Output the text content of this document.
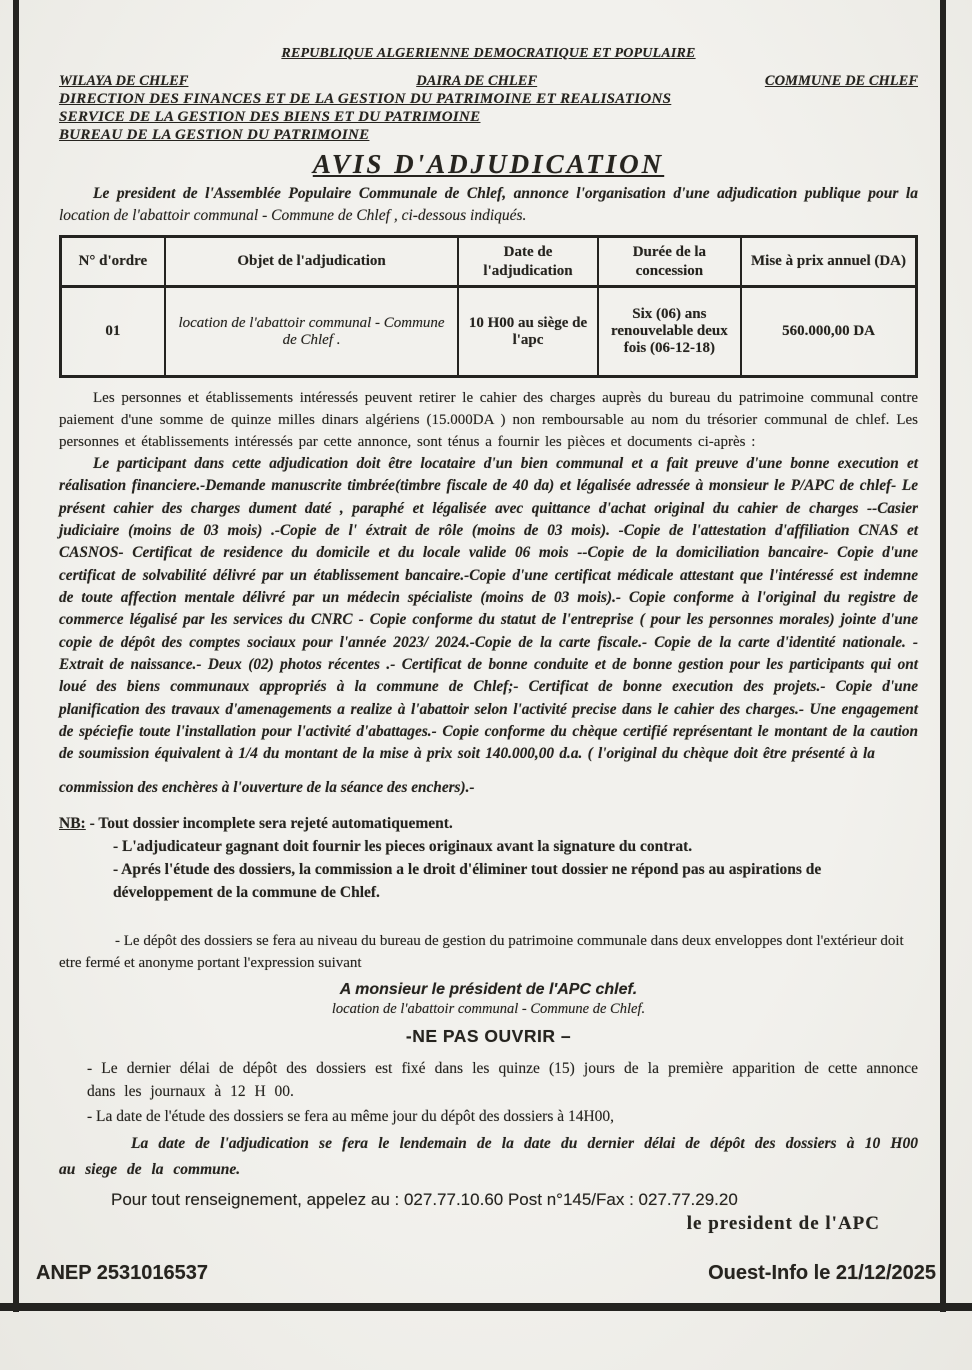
REPUBLIQUE ALGERIENNE DEMOCRATIQUE ET POPULAIRE
WILAYA DE CHLEF	DAIRA DE CHLEF	COMMUNE DE CHLEF
DIRECTION DES FINANCES ET DE LA GESTION DU PATRIMOINE ET REALISATIONS
SERVICE DE LA GESTION DES BIENS ET DU PATRIMOINE
BUREAU DE LA GESTION DU PATRIMOINE
AVIS D'ADJUDICATION

Le president de l'Assemblée Populaire Communale de Chlef, annonce l'organisation d'une adjudication publique pour la location de l'abattoir communal - Commune de Chlef , ci-dessous indiqués.

N° d'ordre	Objet de l'adjudication	Date de l'adjudication	Durée de la concession	Mise à prix annuel (DA)
01	location de l'abattoir communal - Commune de Chlef .	10 H00 au siège de l'apc	Six (06) ans renouvelable deux fois (06-12-18)	560.000,00 DA

Les personnes et établissements intéressés peuvent retirer le cahier des charges auprès du bureau du patrimoine communal contre paiement d'une somme de quinze milles dinars algériens (15.000DA ) non remboursable au nom du trésorier communal de chlef. Les personnes et établissements intéressés par cette annonce, sont ténus a fournir les pièces et documents ci-après :

Le participant dans cette adjudication doit être locataire d'un bien communal et a fait preuve d'une bonne execution et réalisation financiere.-Demande manuscrite timbrée(timbre fiscale de 40 da) et légalisée adressée à monsieur le P/APC de chlef- Le présent cahier des charges dument daté , paraphé et légalisée avec quittance d'achat original du cahier de charges --Casier judiciaire (moins de 03 mois) .-Copie de l' éxtrait de rôle (moins de 03 mois). -Copie de l'attestation d'affiliation CNAS et CASNOS- Certificat de residence du domicile et du locale valide 06 mois --Copie de la domiciliation bancaire- Copie d'une certificat de solvabilité délivré par un établissement bancaire.-Copie d'une certificat médicale attestant que l'intéressé est indemne de toute affection mentale délivré par un médecin spécialiste (moins de 03 mois).- Copie conforme à l'original du registre de commerce légalisé par les services du CNRC - Copie conforme du statut de l'entreprise ( pour les personnes morales) jointe d'une copie de dépôt des comptes sociaux pour l'année 2023/ 2024.-Copie de la carte fiscale.- Copie de la carte d'identité nationale. - Extrait de naissance.- Deux (02) photos récentes .- Certificat de bonne conduite et de bonne gestion pour les participants qui ont loué des biens communaux appropriés à la commune de Chlef;- Certificat de bonne execution des projets.- Copie d'une planification des travaux d'amenagements a realize à l'abattoir selon l'activité precise dans le cahier des charges.- Une engagement de spéciefie toute l'installation pour l'activité d'abattages.- Copie conforme du chèque certifié représentant le montant de la caution de soumission équivalent à 1/4 du montant de la mise à prix soit 140.000,00 d.a. ( l'original du chèque doit être présenté à la

commission des enchères à l'ouverture de la séance des enchers).-

NB: - Tout dossier incomplete sera rejeté automatiquement.

- L'adjudicateur gagnant doit fournir les pieces originaux avant la signature du contrat.

- Aprés l'étude des dossiers, la commission a le droit d'éliminer tout dossier ne répond pas au aspirations de développement de la commune de Chlef.

- Le dépôt des dossiers se fera au niveau du bureau de gestion du patrimoine communale dans deux enveloppes dont l'extérieur doit etre fermé et anonyme portant l'expression suivant

A monsieur le président de l'APC chlef.

location de l'abattoir communal - Commune de Chlef.

-NE PAS OUVRIR –

- Le dernier délai de dépôt des dossiers est fixé dans les quinze (15) jours de la première apparition de cette annonce dans les journaux à 12 H 00.

- La date de l'étude des dossiers se fera au même jour du dépôt des dossiers à 14H00,

La date de l'adjudication se fera le lendemain de la date du dernier délai de dépôt des dossiers à 10 H00 au siege de la commune.

Pour tout renseignement, appelez au : 027.77.10.60 Post n°145/Fax : 027.77.29.20

le president de l'APC

ANEP 2531016537	Ouest-Info le 21/12/2025
